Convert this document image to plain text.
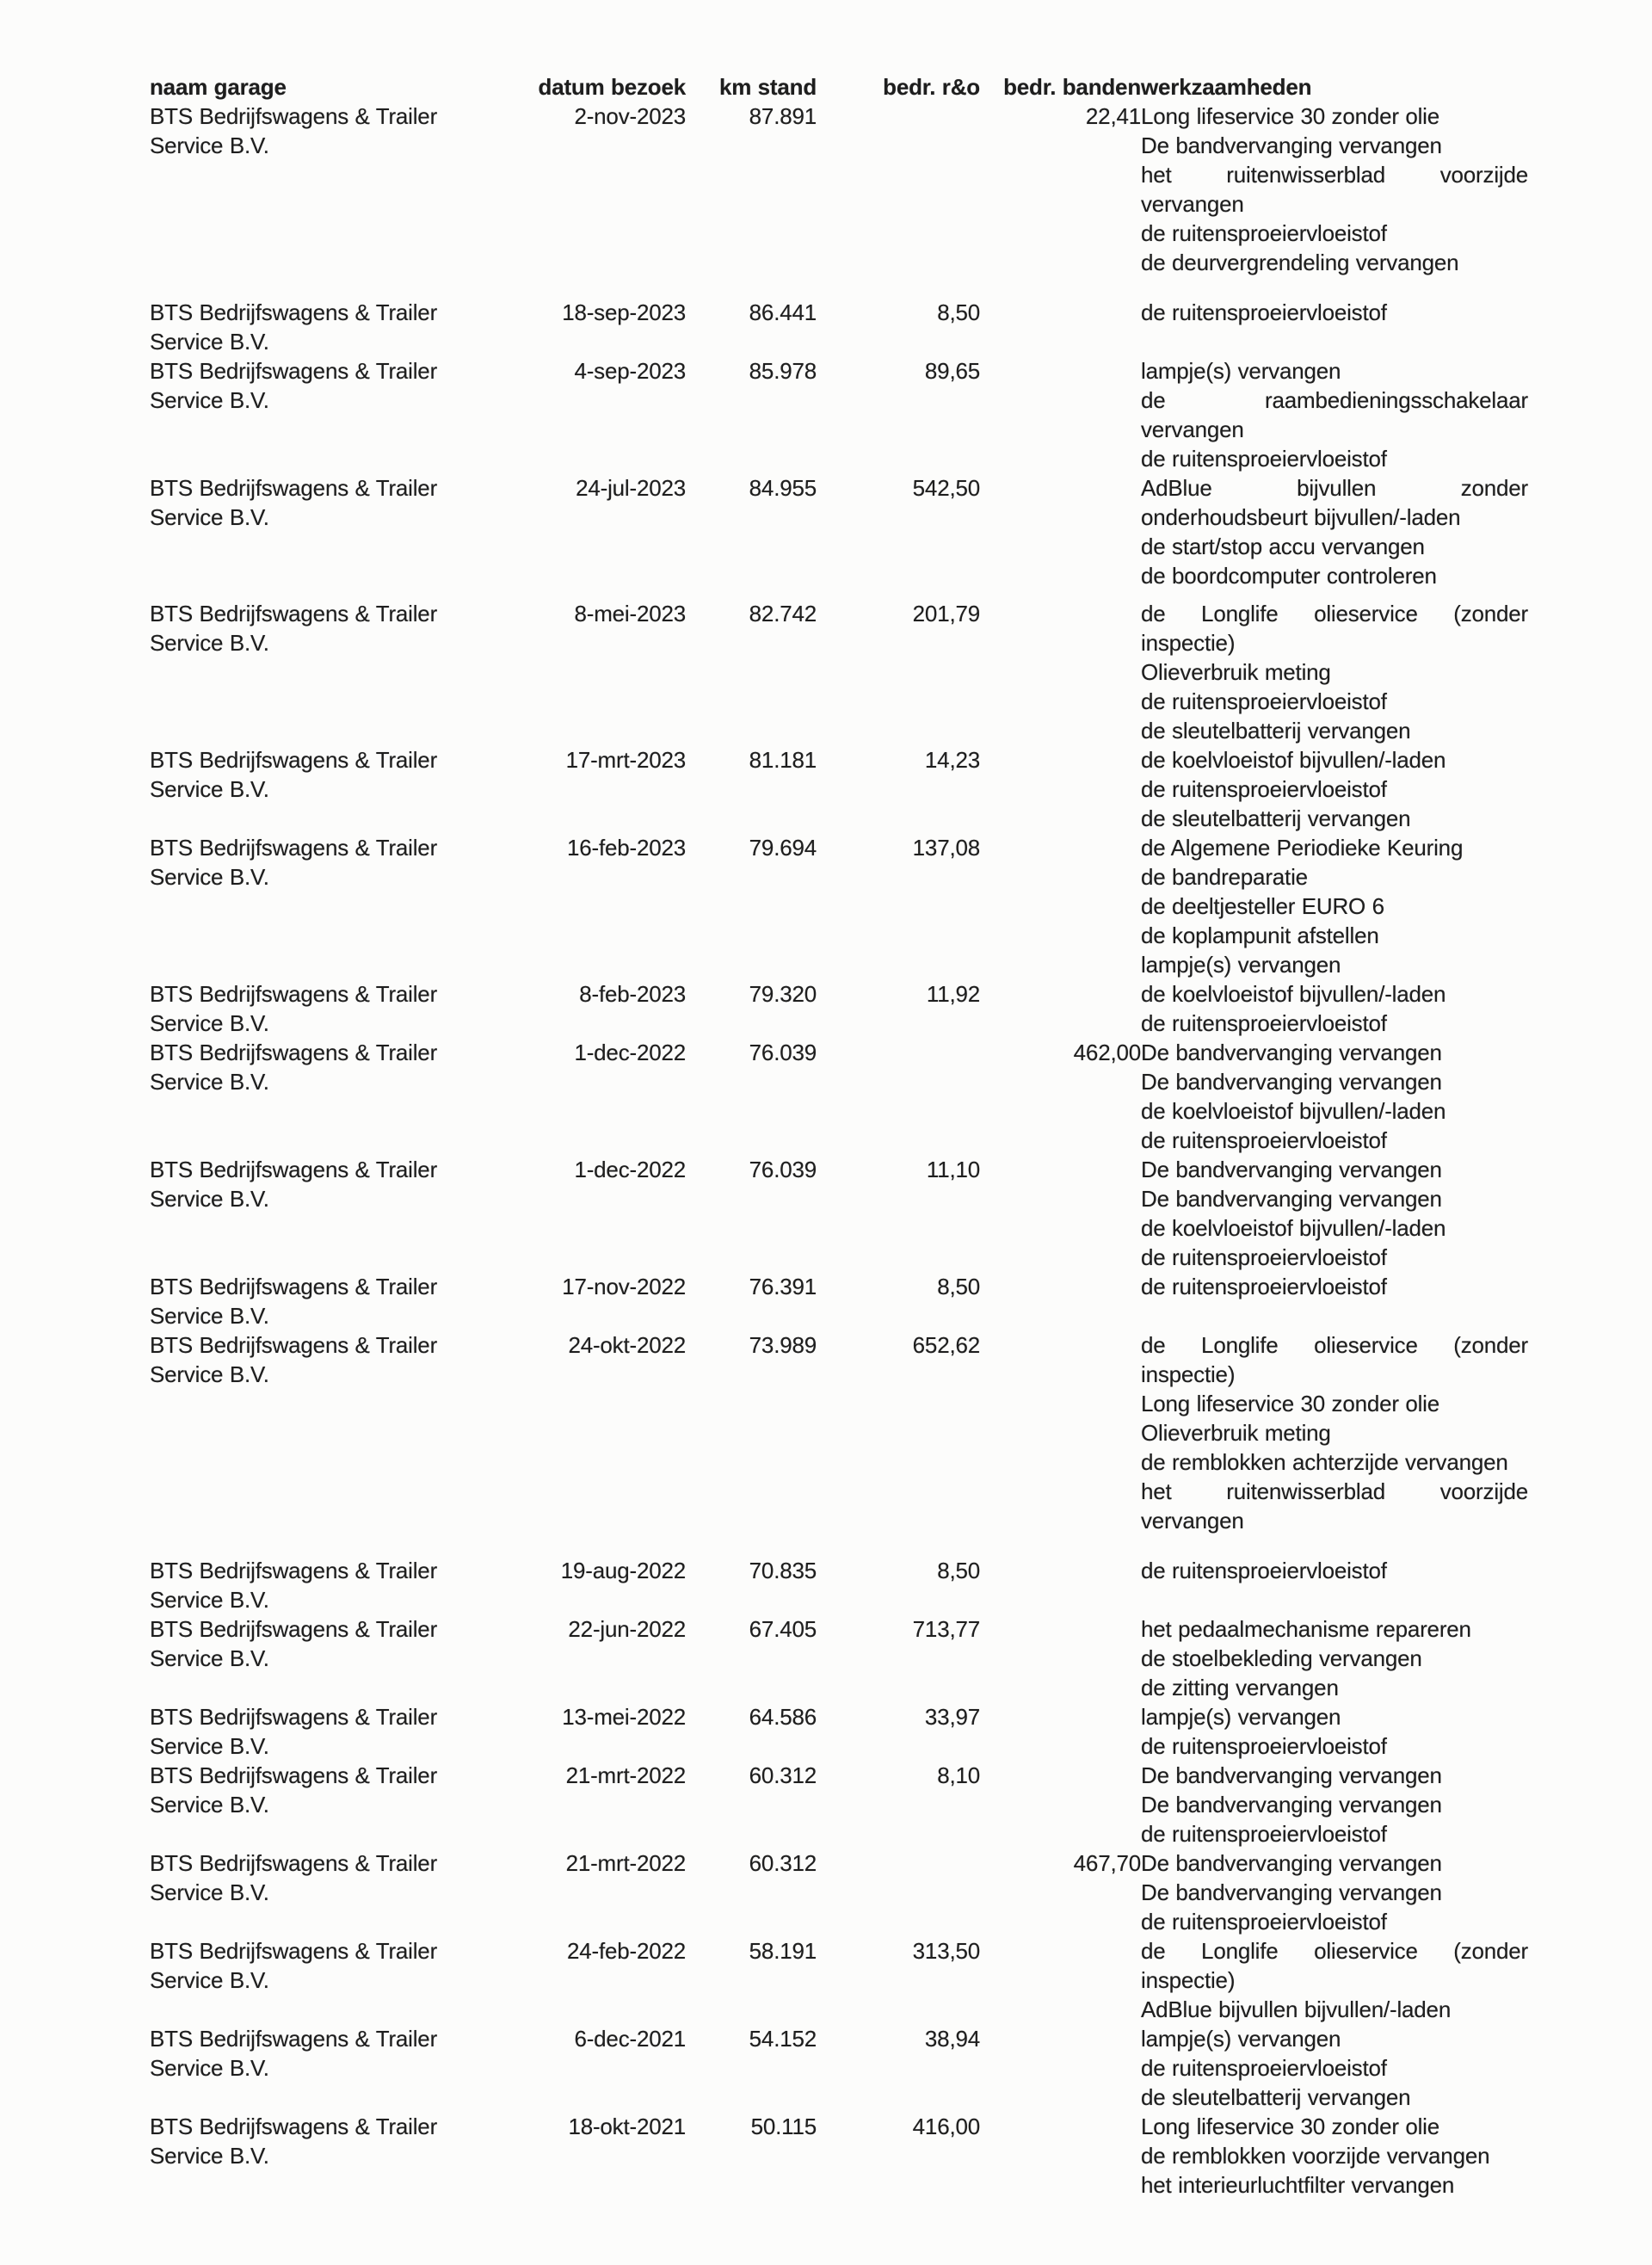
naam garage	datum bezoek	km stand	bedr. r&o	bedr. banden	werkzaamheden
BTS Bedrijfswagens & Trailer Service B.V.	2-nov-2023	87.891		22,41	Long lifeservice 30 zonder olie
De bandvervanging vervangen
het ruitenwisserblad voorzijde vervangen
de ruitensproeiervloeistof
de deurvergrendeling vervangen

BTS Bedrijfswagens & Trailer Service B.V.	18-sep-2023	86.441	8,50		de ruitensproeiervloeistof

BTS Bedrijfswagens & Trailer Service B.V.	4-sep-2023	85.978	89,65		lampje(s) vervangen
de raambedieningsschakelaar vervangen
de ruitensproeiervloeistof

BTS Bedrijfswagens & Trailer Service B.V.	24-jul-2023	84.955	542,50		AdBlue bijvullen zonder onderhoudsbeurt bijvullen/-laden
de start/stop accu vervangen
de boordcomputer controleren

BTS Bedrijfswagens & Trailer Service B.V.	8-mei-2023	82.742	201,79		de Longlife olieservice (zonder inspectie)
Olieverbruik meting
de ruitensproeiervloeistof
de sleutelbatterij vervangen

BTS Bedrijfswagens & Trailer Service B.V.	17-mrt-2023	81.181	14,23		de koelvloeistof bijvullen/-laden
de ruitensproeiervloeistof
de sleutelbatterij vervangen

BTS Bedrijfswagens & Trailer Service B.V.	16-feb-2023	79.694	137,08		de Algemene Periodieke Keuring
de bandreparatie
de deeltjesteller EURO 6
de koplampunit afstellen
lampje(s) vervangen

BTS Bedrijfswagens & Trailer Service B.V.	8-feb-2023	79.320	11,92		de koelvloeistof bijvullen/-laden
de ruitensproeiervloeistof

BTS Bedrijfswagens & Trailer Service B.V.	1-dec-2022	76.039		462,00	De bandvervanging vervangen
De bandvervanging vervangen
de koelvloeistof bijvullen/-laden
de ruitensproeiervloeistof

BTS Bedrijfswagens & Trailer Service B.V.	1-dec-2022	76.039	11,10		De bandvervanging vervangen
De bandvervanging vervangen
de koelvloeistof bijvullen/-laden
de ruitensproeiervloeistof

BTS Bedrijfswagens & Trailer Service B.V.	17-nov-2022	76.391	8,50		de ruitensproeiervloeistof

BTS Bedrijfswagens & Trailer Service B.V.	24-okt-2022	73.989	652,62		de Longlife olieservice (zonder inspectie)
Long lifeservice 30 zonder olie
Olieverbruik meting
de remblokken achterzijde vervangen
het ruitenwisserblad voorzijde vervangen

BTS Bedrijfswagens & Trailer Service B.V.	19-aug-2022	70.835	8,50		de ruitensproeiervloeistof

BTS Bedrijfswagens & Trailer Service B.V.	22-jun-2022	67.405	713,77		het pedaalmechanisme repareren
de stoelbekleding vervangen
de zitting vervangen

BTS Bedrijfswagens & Trailer Service B.V.	13-mei-2022	64.586	33,97		lampje(s) vervangen
de ruitensproeiervloeistof

BTS Bedrijfswagens & Trailer Service B.V.	21-mrt-2022	60.312	8,10		De bandvervanging vervangen
De bandvervanging vervangen
de ruitensproeiervloeistof

BTS Bedrijfswagens & Trailer Service B.V.	21-mrt-2022	60.312		467,70	De bandvervanging vervangen
De bandvervanging vervangen
de ruitensproeiervloeistof

BTS Bedrijfswagens & Trailer Service B.V.	24-feb-2022	58.191	313,50		de Longlife olieservice (zonder inspectie)
AdBlue bijvullen bijvullen/-laden

BTS Bedrijfswagens & Trailer Service B.V.	6-dec-2021	54.152	38,94		lampje(s) vervangen
de ruitensproeiervloeistof
de sleutelbatterij vervangen

BTS Bedrijfswagens & Trailer Service B.V.	18-okt-2021	50.115	416,00		Long lifeservice 30 zonder olie
de remblokken voorzijde vervangen
het interieurluchtfilter vervangen
